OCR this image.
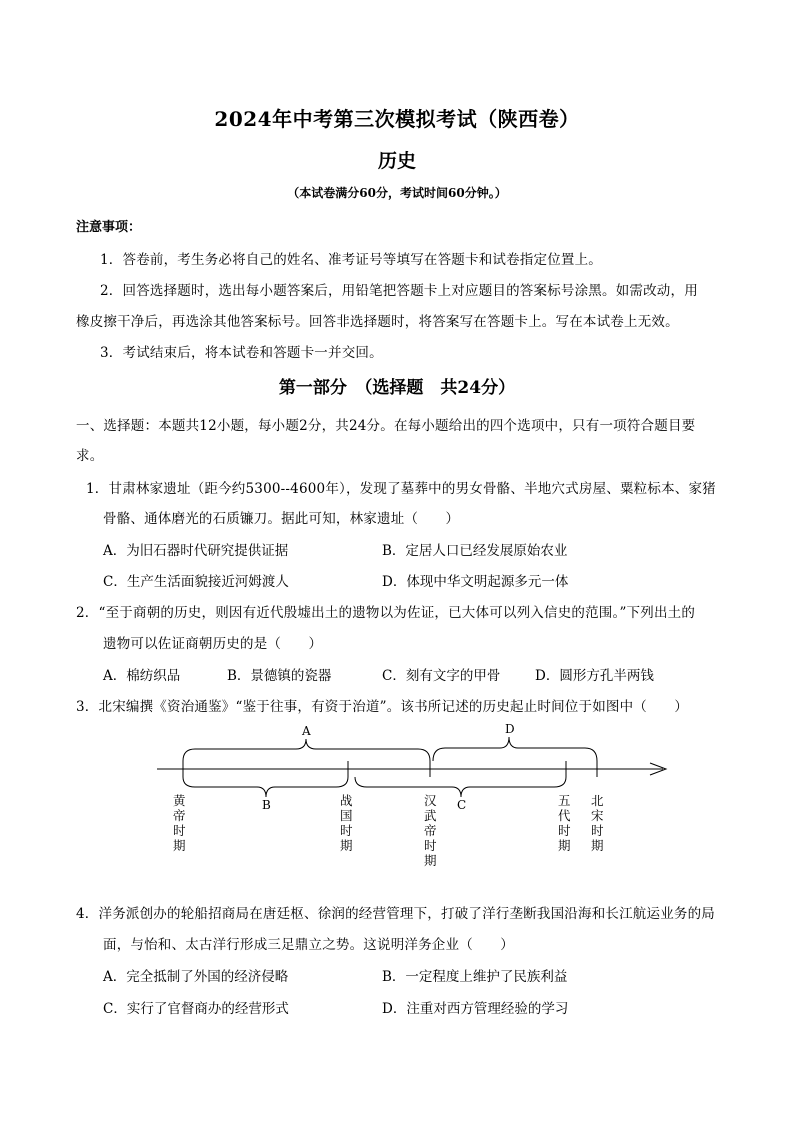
2024年中考第三次模拟考试（陕西卷）
历史
（本试卷满分60分，考试时间60分钟。）
注意事项：
1．答卷前，考生务必将自己的姓名、准考证号等填写在答题卡和试卷指定位置上。
2．回答选择题时，选出每小题答案后，用铅笔把答题卡上对应题目的答案标号涂黑。如需改动，用
橡皮擦干净后，再选涂其他答案标号。回答非选择题时，将答案写在答题卡上。写在本试卷上无效。
3．考试结束后，将本试卷和答题卡一并交回。
第一部分　（选择题　共24分）
一、选择题：本题共12小题，每小题2分，共24分。在每小题给出的四个选项中，只有一项符合题目要
求。
1．甘肃林家遗址（距今约5300--4600年），发现了墓葬中的男女骨骼、半地穴式房屋、粟粒标本、家猪
骨骼、通体磨光的石质镰刀。据此可知，林家遗址（　　）
A．为旧石器时代研究提供证据	B．定居人口已经发展原始农业
C．生产生活面貌接近河姆渡人	D．体现中华文明起源多元一体
2．“至于商朝的历史，则因有近代殷墟出土的遗物以为佐证，已大体可以列入信史的范围。”下列出土的
遗物可以佐证商朝历史的是（　　）
A．棉纺织品	B．景德镇的瓷器	C．刻有文字的甲骨	D．圆形方孔半两钱
3．北宋编撰《资治通鉴》“鉴于往事，有资于治道”。该书所记述的历史起止时间位于如图中（　　）
A
B	C
D
黄帝时期
战国时期
汉武帝时期
五代时期
北宋时期
4．洋务派创办的轮船招商局在唐廷枢、徐润的经营管理下，打破了洋行垄断我国沿海和长江航运业务的局
面，与怡和、太古洋行形成三足鼎立之势。这说明洋务企业（　　）
A．完全抵制了外国的经济侵略	B．一定程度上维护了民族利益
C．实行了官督商办的经营形式	D．注重对西方管理经验的学习
